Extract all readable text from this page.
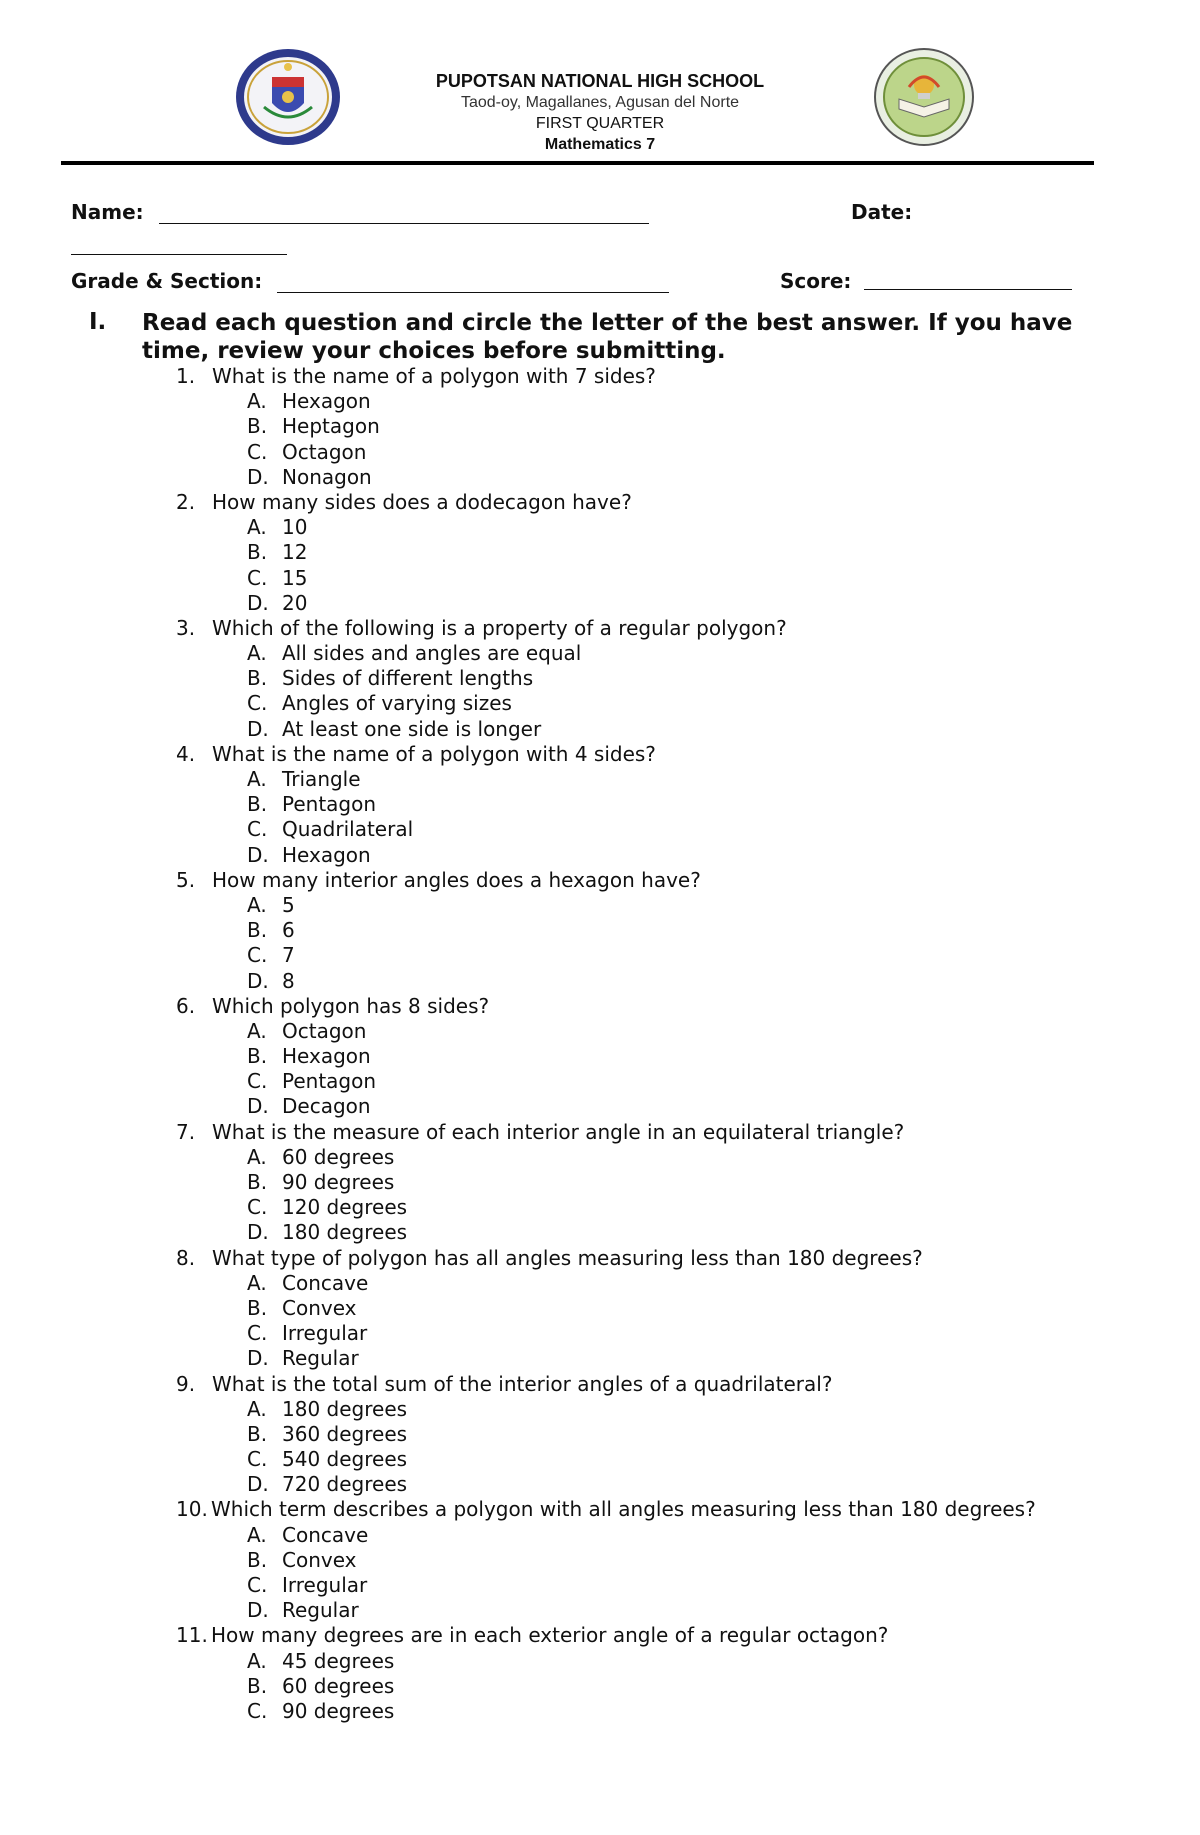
PUPOTSAN NATIONAL HIGH SCHOOL
Taod-oy, Magallanes, Agusan del Norte
FIRST QUARTER
Mathematics 7
Name:	Date:
Grade & Section:	Score:
I. Read each question and circle the letter of the best answer. If you have time, review your choices before submitting.
1. What is the name of a polygon with 7 sides?
A. Hexagon
B. Heptagon
C. Octagon
D. Nonagon
2. How many sides does a dodecagon have?
A. 10
B. 12
C. 15
D. 20
3. Which of the following is a property of a regular polygon?
A. All sides and angles are equal
B. Sides of different lengths
C. Angles of varying sizes
D. At least one side is longer
4. What is the name of a polygon with 4 sides?
A. Triangle
B. Pentagon
C. Quadrilateral
D. Hexagon
5. How many interior angles does a hexagon have?
A. 5
B. 6
C. 7
D. 8
6. Which polygon has 8 sides?
A. Octagon
B. Hexagon
C. Pentagon
D. Decagon
7. What is the measure of each interior angle in an equilateral triangle?
A. 60 degrees
B. 90 degrees
C. 120 degrees
D. 180 degrees
8. What type of polygon has all angles measuring less than 180 degrees?
A. Concave
B. Convex
C. Irregular
D. Regular
9. What is the total sum of the interior angles of a quadrilateral?
A. 180 degrees
B. 360 degrees
C. 540 degrees
D. 720 degrees
10. Which term describes a polygon with all angles measuring less than 180 degrees?
A. Concave
B. Convex
C. Irregular
D. Regular
11. How many degrees are in each exterior angle of a regular octagon?
A. 45 degrees
B. 60 degrees
C. 90 degrees
